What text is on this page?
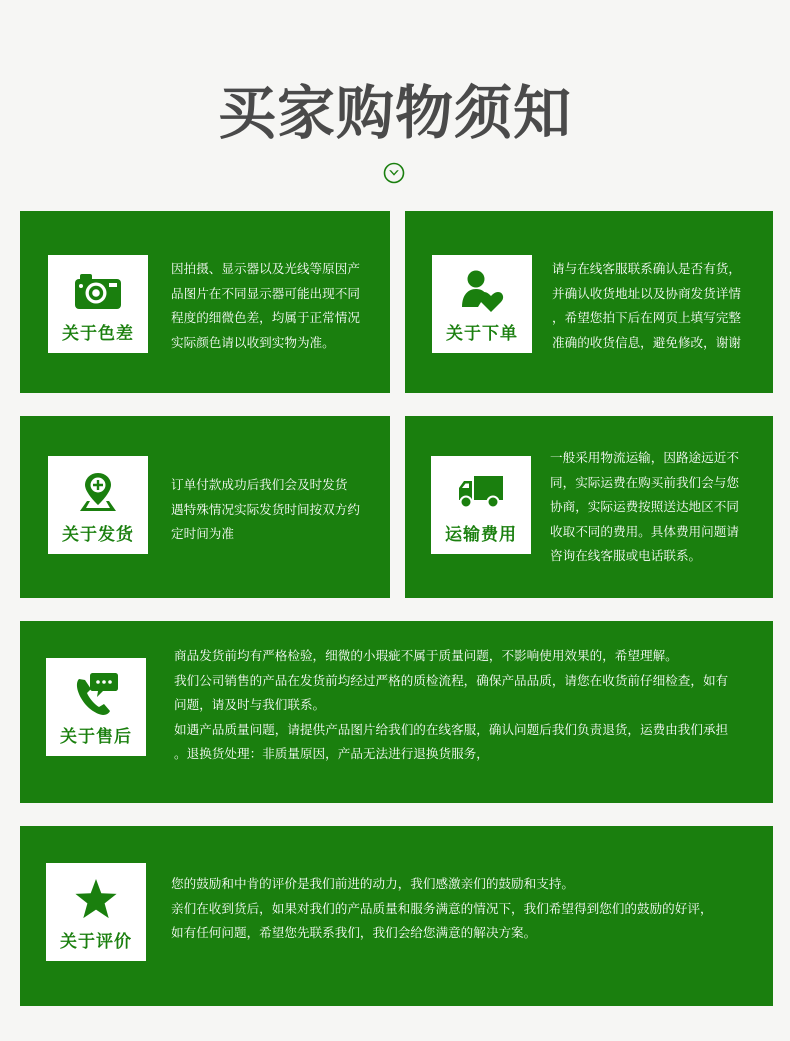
买家购物须知
关于色差

因拍摄、显示器以及光线等原因产

品图片在不同显示器可能出现不同

程度的细微色差，均属于正常情况

实际颜色请以收到实物为准。	关于下单

请与在线客服联系确认是否有货，

并确认收货地址以及协商发货详情

，希望您拍下后在网页上填写完整

准确的收货信息，避免修改，谢谢

关于发货

订单付款成功后我们会及时发货

遇特殊情况实际发货时间按双方约

定时间为准	运输费用

一般采用物流运输，因路途远近不

同，实际运费在购买前我们会与您

协商，实际运费按照送达地区不同

收取不同的费用。具体费用问题请

咨询在线客服或电话联系。

关于售后

商品发货前均有严格检验，细微的小瑕疵不属于质量问题，不影响使用效果的，希望理解。

我们公司销售的产品在发货前均经过严格的质检流程，确保产品品质，请您在收货前仔细检查，如有

问题，请及时与我们联系。

如遇产品质量问题，请提供产品图片给我们的在线客服，确认问题后我们负责退货，运费由我们承担

。退换货处理：非质量原因，产品无法进行退换货服务，

关于评价

您的鼓励和中肯的评价是我们前进的动力，我们感激亲们的鼓励和支持。

亲们在收到货后，如果对我们的产品质量和服务满意的情况下，我们希望得到您们的鼓励的好评，

如有任何问题，希望您先联系我们，我们会给您满意的解决方案。
